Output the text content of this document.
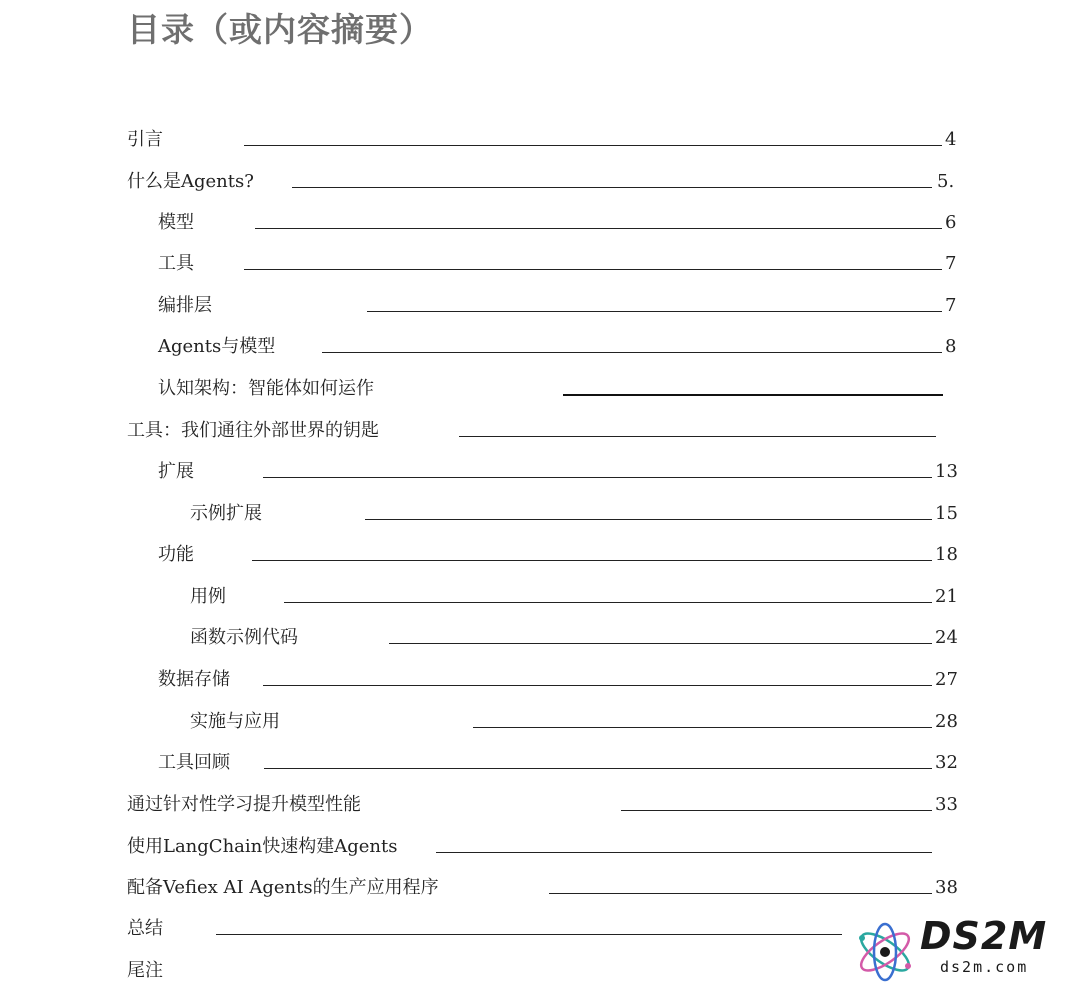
目录（或内容摘要）
引言	4
什么是Agents?	5.
模型	6
工具	7
编排层	7
Agents与模型	8
认知架构：智能体如何运作
工具：我们通往外部世界的钥匙
扩展	13
示例扩展	15
功能	18
用例	21
函数示例代码	24
数据存储	27
实施与应用	28
工具回顾	32
通过针对性学习提升模型性能	33
使用LangChain快速构建Agents
配备Vefiex AI Agents的生产应用程序	38
总结
尾注
DS2M
ds2m.com
